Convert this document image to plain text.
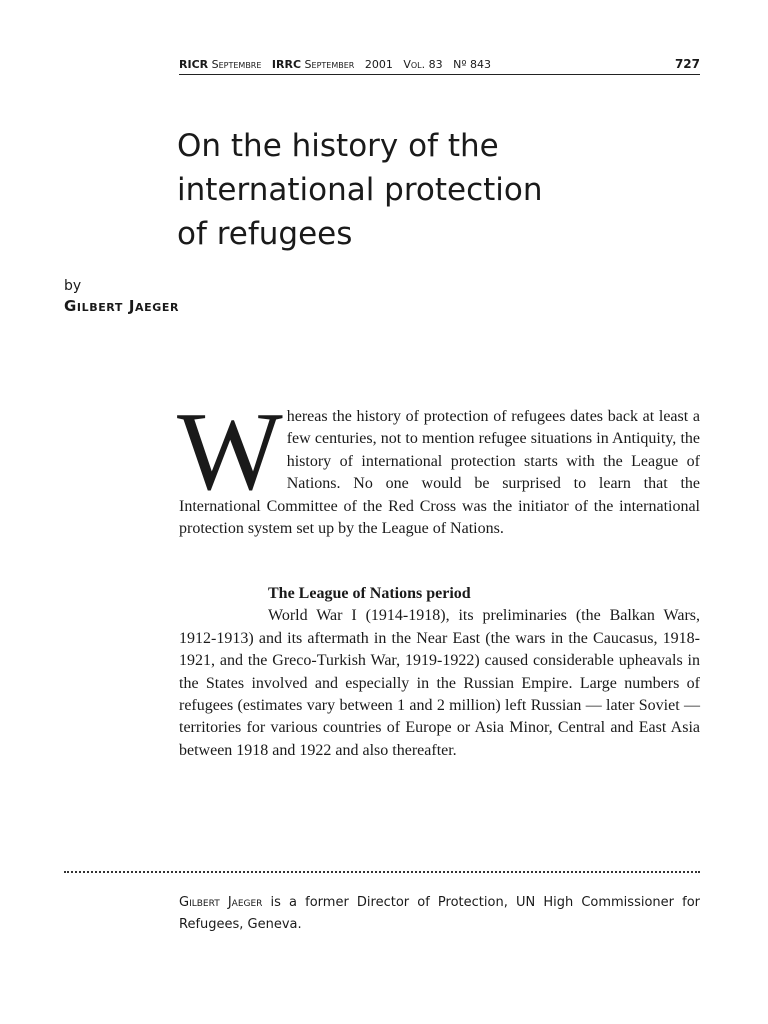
RICR Septembre IRRC September 2001 Vol. 83 Nº 843	727
On the history of the
international protection
of refugees
by
Gilbert Jaeger
Whereas the history of protection of refugees dates back at least a few centuries, not to mention refugee situations in Antiquity, the history of international protection starts with the League of Nations. No one would be surprised to learn that the International Committee of the Red Cross was the initiator of the international protection system set up by the League of Nations.

The League of Nations period

World War I (1914-1918), its preliminaries (the Balkan Wars, 1912-1913) and its aftermath in the Near East (the wars in the Caucasus, 1918-1921, and the Greco-Turkish War, 1919-1922) caused considerable upheavals in the States involved and especially in the Russian Empire. Large numbers of refugees (estimates vary between 1 and 2 million) left Russian — later Soviet — territories for various countries of Europe or Asia Minor, Central and East Asia between 1918 and 1922 and also thereafter.

Gilbert Jaeger is a former Director of Protection, UN High Commissioner for Refugees, Geneva.
